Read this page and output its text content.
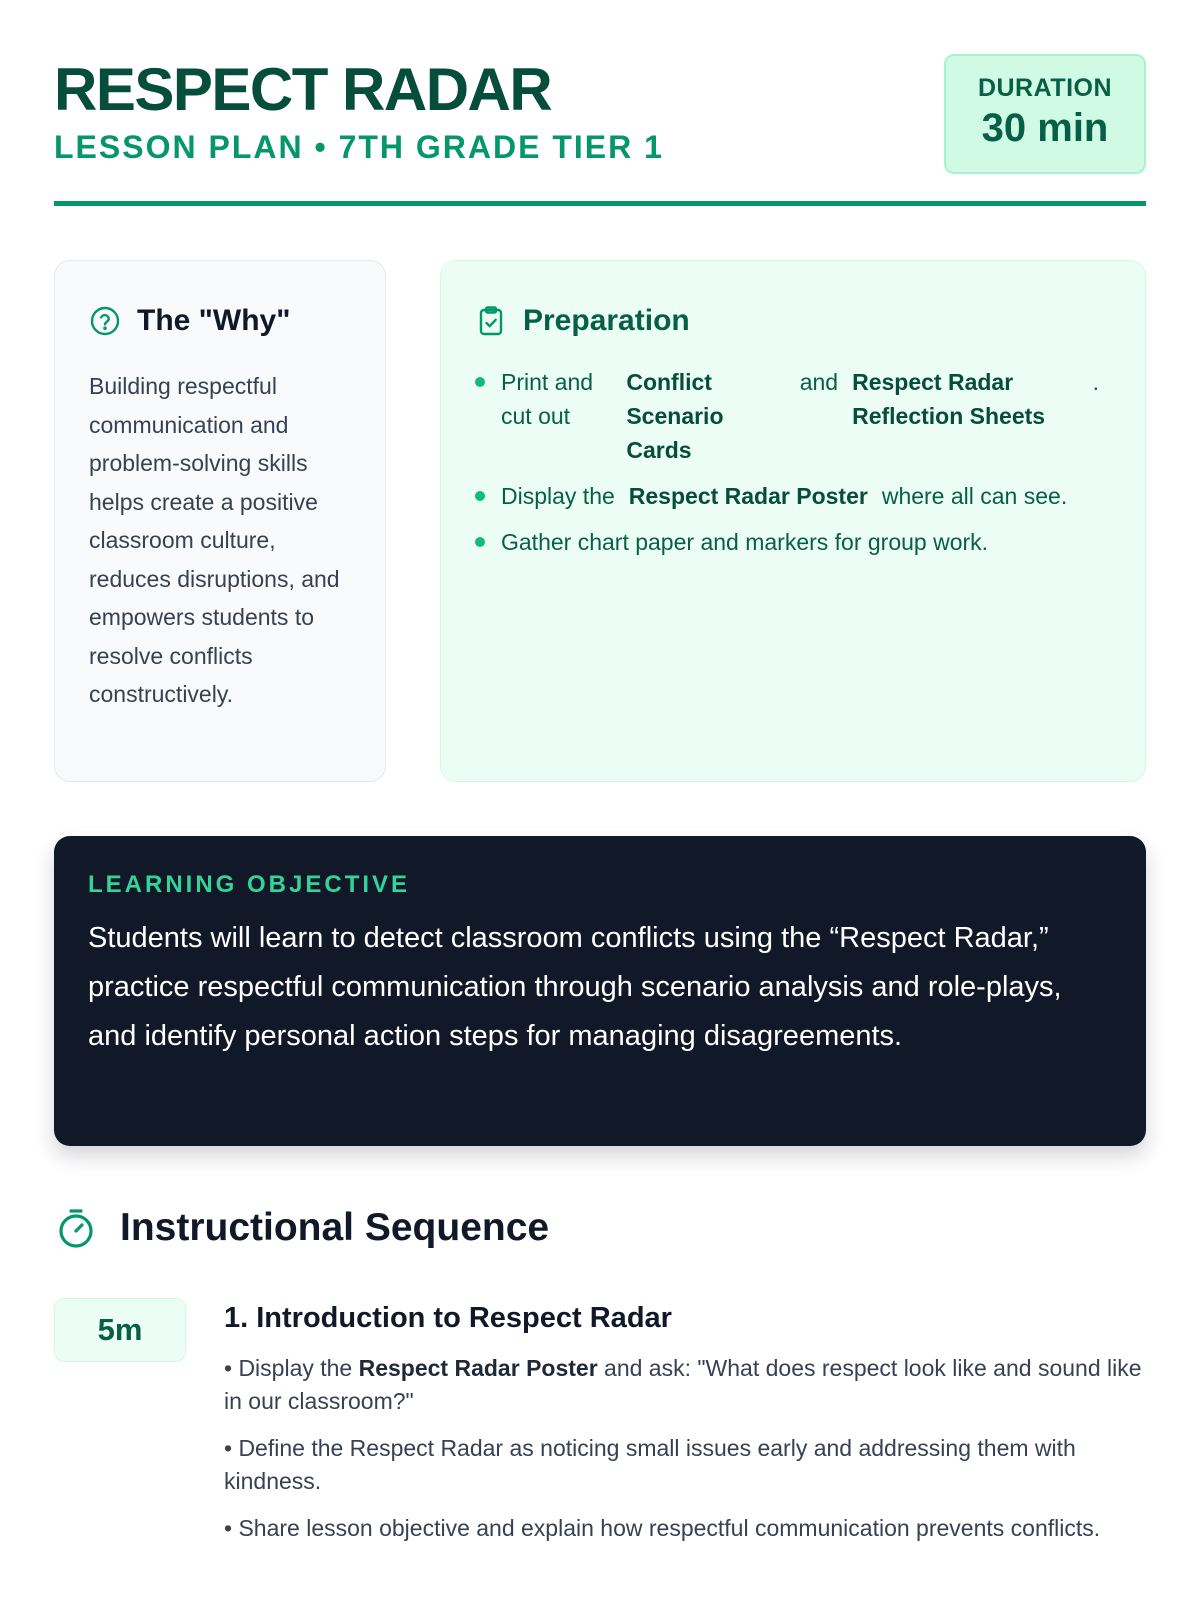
RESPECT RADAR
LESSON PLAN • 7TH GRADE TIER 1
DURATION
30 min
The "Why"
Building respectful communication and problem-solving skills helps create a positive classroom culture, reduces disruptions, and empowers students to resolve conflicts constructively.
Preparation
Print and cut out
Conflict Scenario Cards
and Respect Radar Reflection Sheets
.
Display the Respect Radar Poster where all can see.
Gather chart paper and markers for group work.
LEARNING OBJECTIVE
Students will learn to detect classroom conflicts using the “Respect Radar,” practice respectful communication through scenario analysis and role-plays, and identify personal action steps for managing disagreements.
Instructional Sequence
5m	1. Introduction to Respect Radar
• Display the Respect Radar Poster and ask: "What does respect look like and sound like in our classroom?"
• Define the Respect Radar as noticing small issues early and addressing them with kindness.
• Share lesson objective and explain how respectful communication prevents conflicts.
